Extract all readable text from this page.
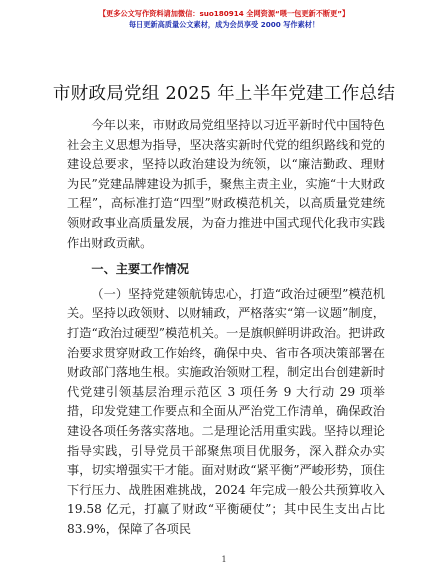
【更多公文写作资料请加微信：suo180914 全网资源“喂一包更新不断更”】
每日更新高质量公文素材，成为会员享受 2000 写作素材！
市财政局党组 2025 年上半年党建工作总结

今年以来，市财政局党组坚持以习近平新时代中国特色社会主义思想为指导，坚决落实新时代党的组织路线和党的建设总要求，坚持以政治建设为统领，以“廉洁勤政、理财为民”党建品牌建设为抓手，聚焦主责主业，实施“十大财政工程”，高标准打造“四型”财政模范机关，以高质量党建统领财政事业高质量发展，为奋力推进中国式现代化我市实践作出财政贡献。

一、主要工作情况

（一）坚持党建领航铸忠心，打造“政治过硬型”模范机关。坚持以政领财、以财辅政，严格落实“第一议题”制度，打造“政治过硬型”模范机关。一是旗帜鲜明讲政治。把讲政治要求贯穿财政工作始终，确保中央、省市各项决策部署在财政部门落地生根。实施政治领财工程，制定出台创建新时代党建引领基层治理示范区 3 项任务 9 大行动 29 项举措，印发党建工作要点和全面从严治党工作清单，确保政治建设各项任务落实落地。二是理论活用重实践。坚持以理论指导实践，引导党员干部聚焦项目优服务，深入群众办实事，切实增强实干才能。面对财政“紧平衡”严峻形势，顶住下行压力、战胜困难挑战，2024 年完成一般公共预算收入 19.58 亿元，打赢了财政“平衡硬仗”；其中民生支出占比 83.9%，保障了各项民

1
